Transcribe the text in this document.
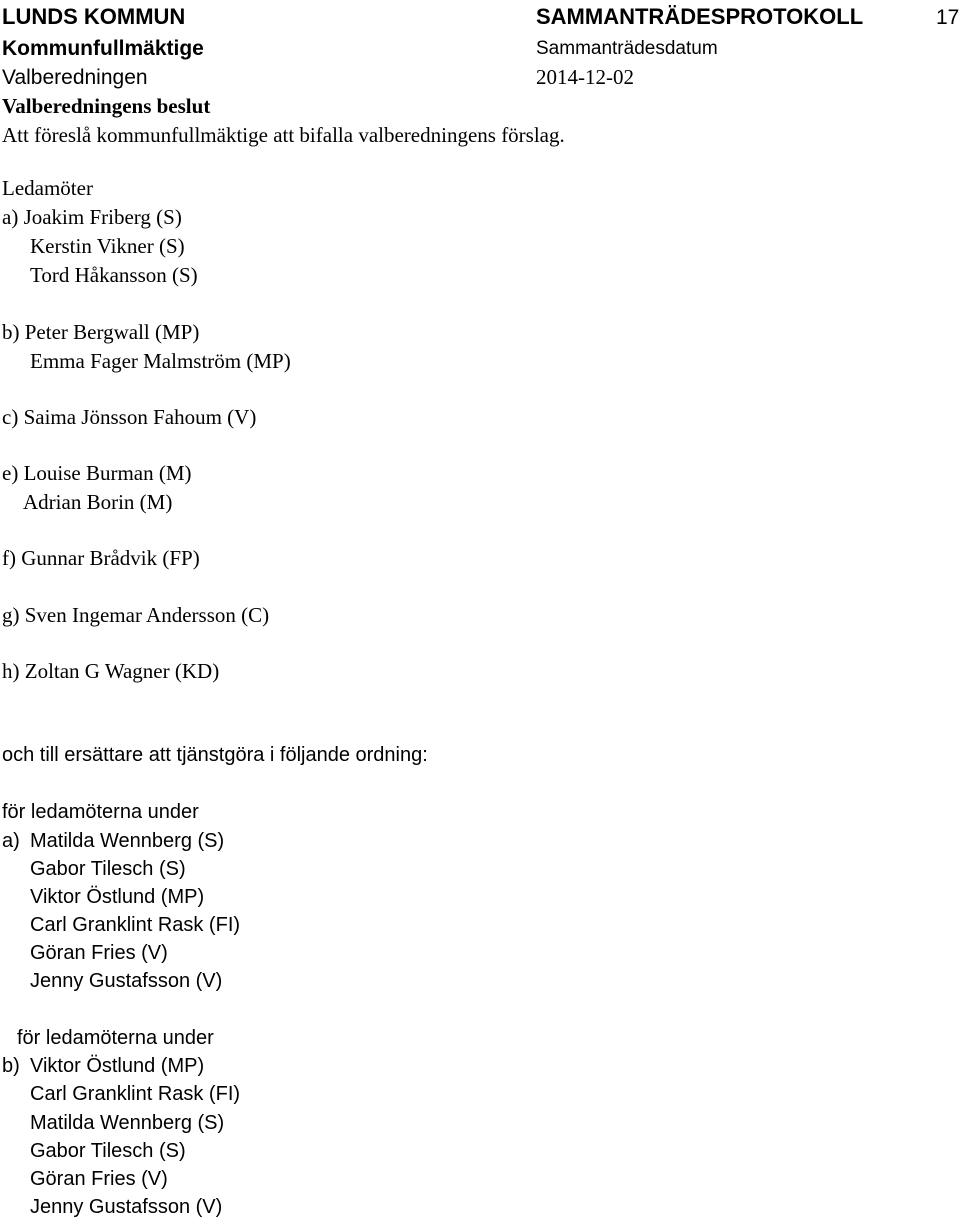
LUNDS KOMMUN	SAMMANTRÄDESPROTOKOLL	17
Kommunfullmäktige	Sammanträdesdatum
Valberedningen	2014-12-02
Valberedningens beslut
Att föreslå kommunfullmäktige att bifalla valberedningens förslag.
Ledamöter
a) Joakim Friberg (S)
Kerstin Vikner (S)
Tord Håkansson (S)
b) Peter Bergwall (MP)
Emma Fager Malmström (MP)
c) Saima Jönsson Fahoum (V)
e) Louise Burman (M)
Adrian Borin (M)
f) Gunnar Brådvik (FP)
g) Sven Ingemar Andersson (C)
h) Zoltan G Wagner (KD)
och till ersättare att tjänstgöra i följande ordning:
för ledamöterna under
a) Matilda Wennberg (S)
Gabor Tilesch (S)
Viktor Östlund (MP)
Carl Granklint Rask (FI)
Göran Fries (V)
Jenny Gustafsson (V)
för ledamöterna under
b) Viktor Östlund (MP)
Carl Granklint Rask (FI)
Matilda Wennberg (S)
Gabor Tilesch (S)
Göran Fries (V)
Jenny Gustafsson (V)
